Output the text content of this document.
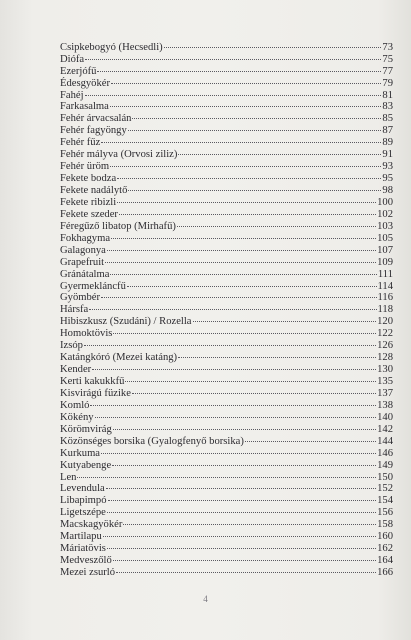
Csipkebogyó (Hecsedli)	73
Diófa	75
Ezerjófű	77
Édesgyökér	79
Fahéj	81
Farkasalma	83
Fehér árvacsalán	85
Fehér fagyöngy	87
Fehér fűz	89
Fehér mályva (Orvosi ziliz)	91
Fehér üröm	93
Fekete bodza	95
Fekete nadálytő	98
Fekete ribizli	100
Fekete szeder	102
Féregűző libatop (Mirhafű)	103
Fokhagyma	105
Galagonya	107
Grapefruit	109
Gránátalma	111
Gyermekláncfű	114
Gyömbér	116
Hársfa	118
Hibiszkusz (Szudáni) / Rozella	120
Homoktövis	122
Izsóp	126
Katángkóró (Mezei katáng)	128
Kender	130
Kerti kakukkfű	135
Kisvirágú füzike	137
Komló	138
Kökény	140
Körömvirág	142
Közönséges borsika (Gyalogfenyő borsika)	144
Kurkuma	146
Kutyabenge	149
Len	150
Levendula	152
Libapimpó	154
Ligetszépe	156
Macskagyökér	158
Martilapu	160
Máriatövis	162
Medveszőlő	164
Mezei zsurló	166
4
